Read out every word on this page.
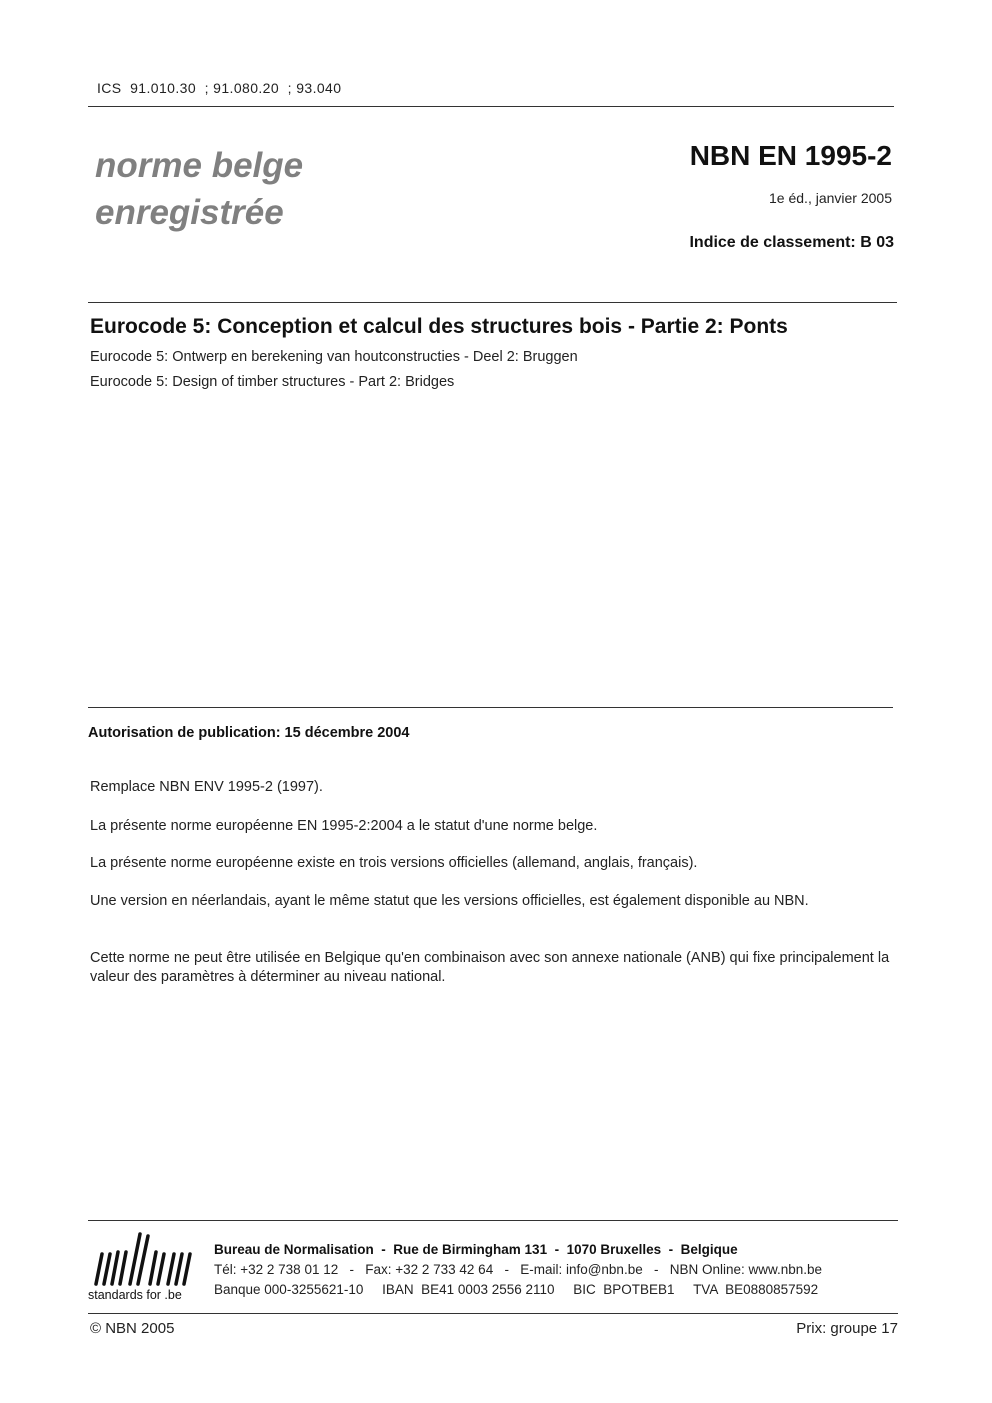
ICS  91.010.30  ; 91.080.20  ; 93.040
norme belge
enregistrée
NBN EN 1995-2
1e éd., janvier 2005
Indice de classement: B 03
Eurocode 5: Conception et calcul des structures bois - Partie 2: Ponts
Eurocode 5: Ontwerp en berekening van houtconstructies - Deel 2: Bruggen
Eurocode 5: Design of timber structures - Part 2: Bridges
Autorisation de publication: 15 décembre 2004
Remplace NBN ENV 1995-2 (1997).
La présente norme européenne EN 1995-2:2004 a le statut d'une norme belge.
La présente norme européenne existe en trois versions officielles (allemand, anglais, français).
Une version en néerlandais, ayant le même statut que les versions officielles, est également disponible au NBN.
Cette norme ne peut être utilisée en Belgique qu'en combinaison avec son annexe nationale (ANB) qui fixe principalement la valeur des paramètres à déterminer au niveau national.
standards for .be
Bureau de Normalisation  -  Rue de Birmingham 131  -  1070 Bruxelles  -  Belgique
Tél: +32 2 738 01 12   -   Fax: +32 2 733 42 64   -   E-mail: info@nbn.be   -   NBN Online: www.nbn.be
Banque 000-3255621-10     IBAN  BE41 0003 2556 2110     BIC  BPOTBEB1     TVA  BE0880857592
© NBN 2005	Prix: groupe 17
